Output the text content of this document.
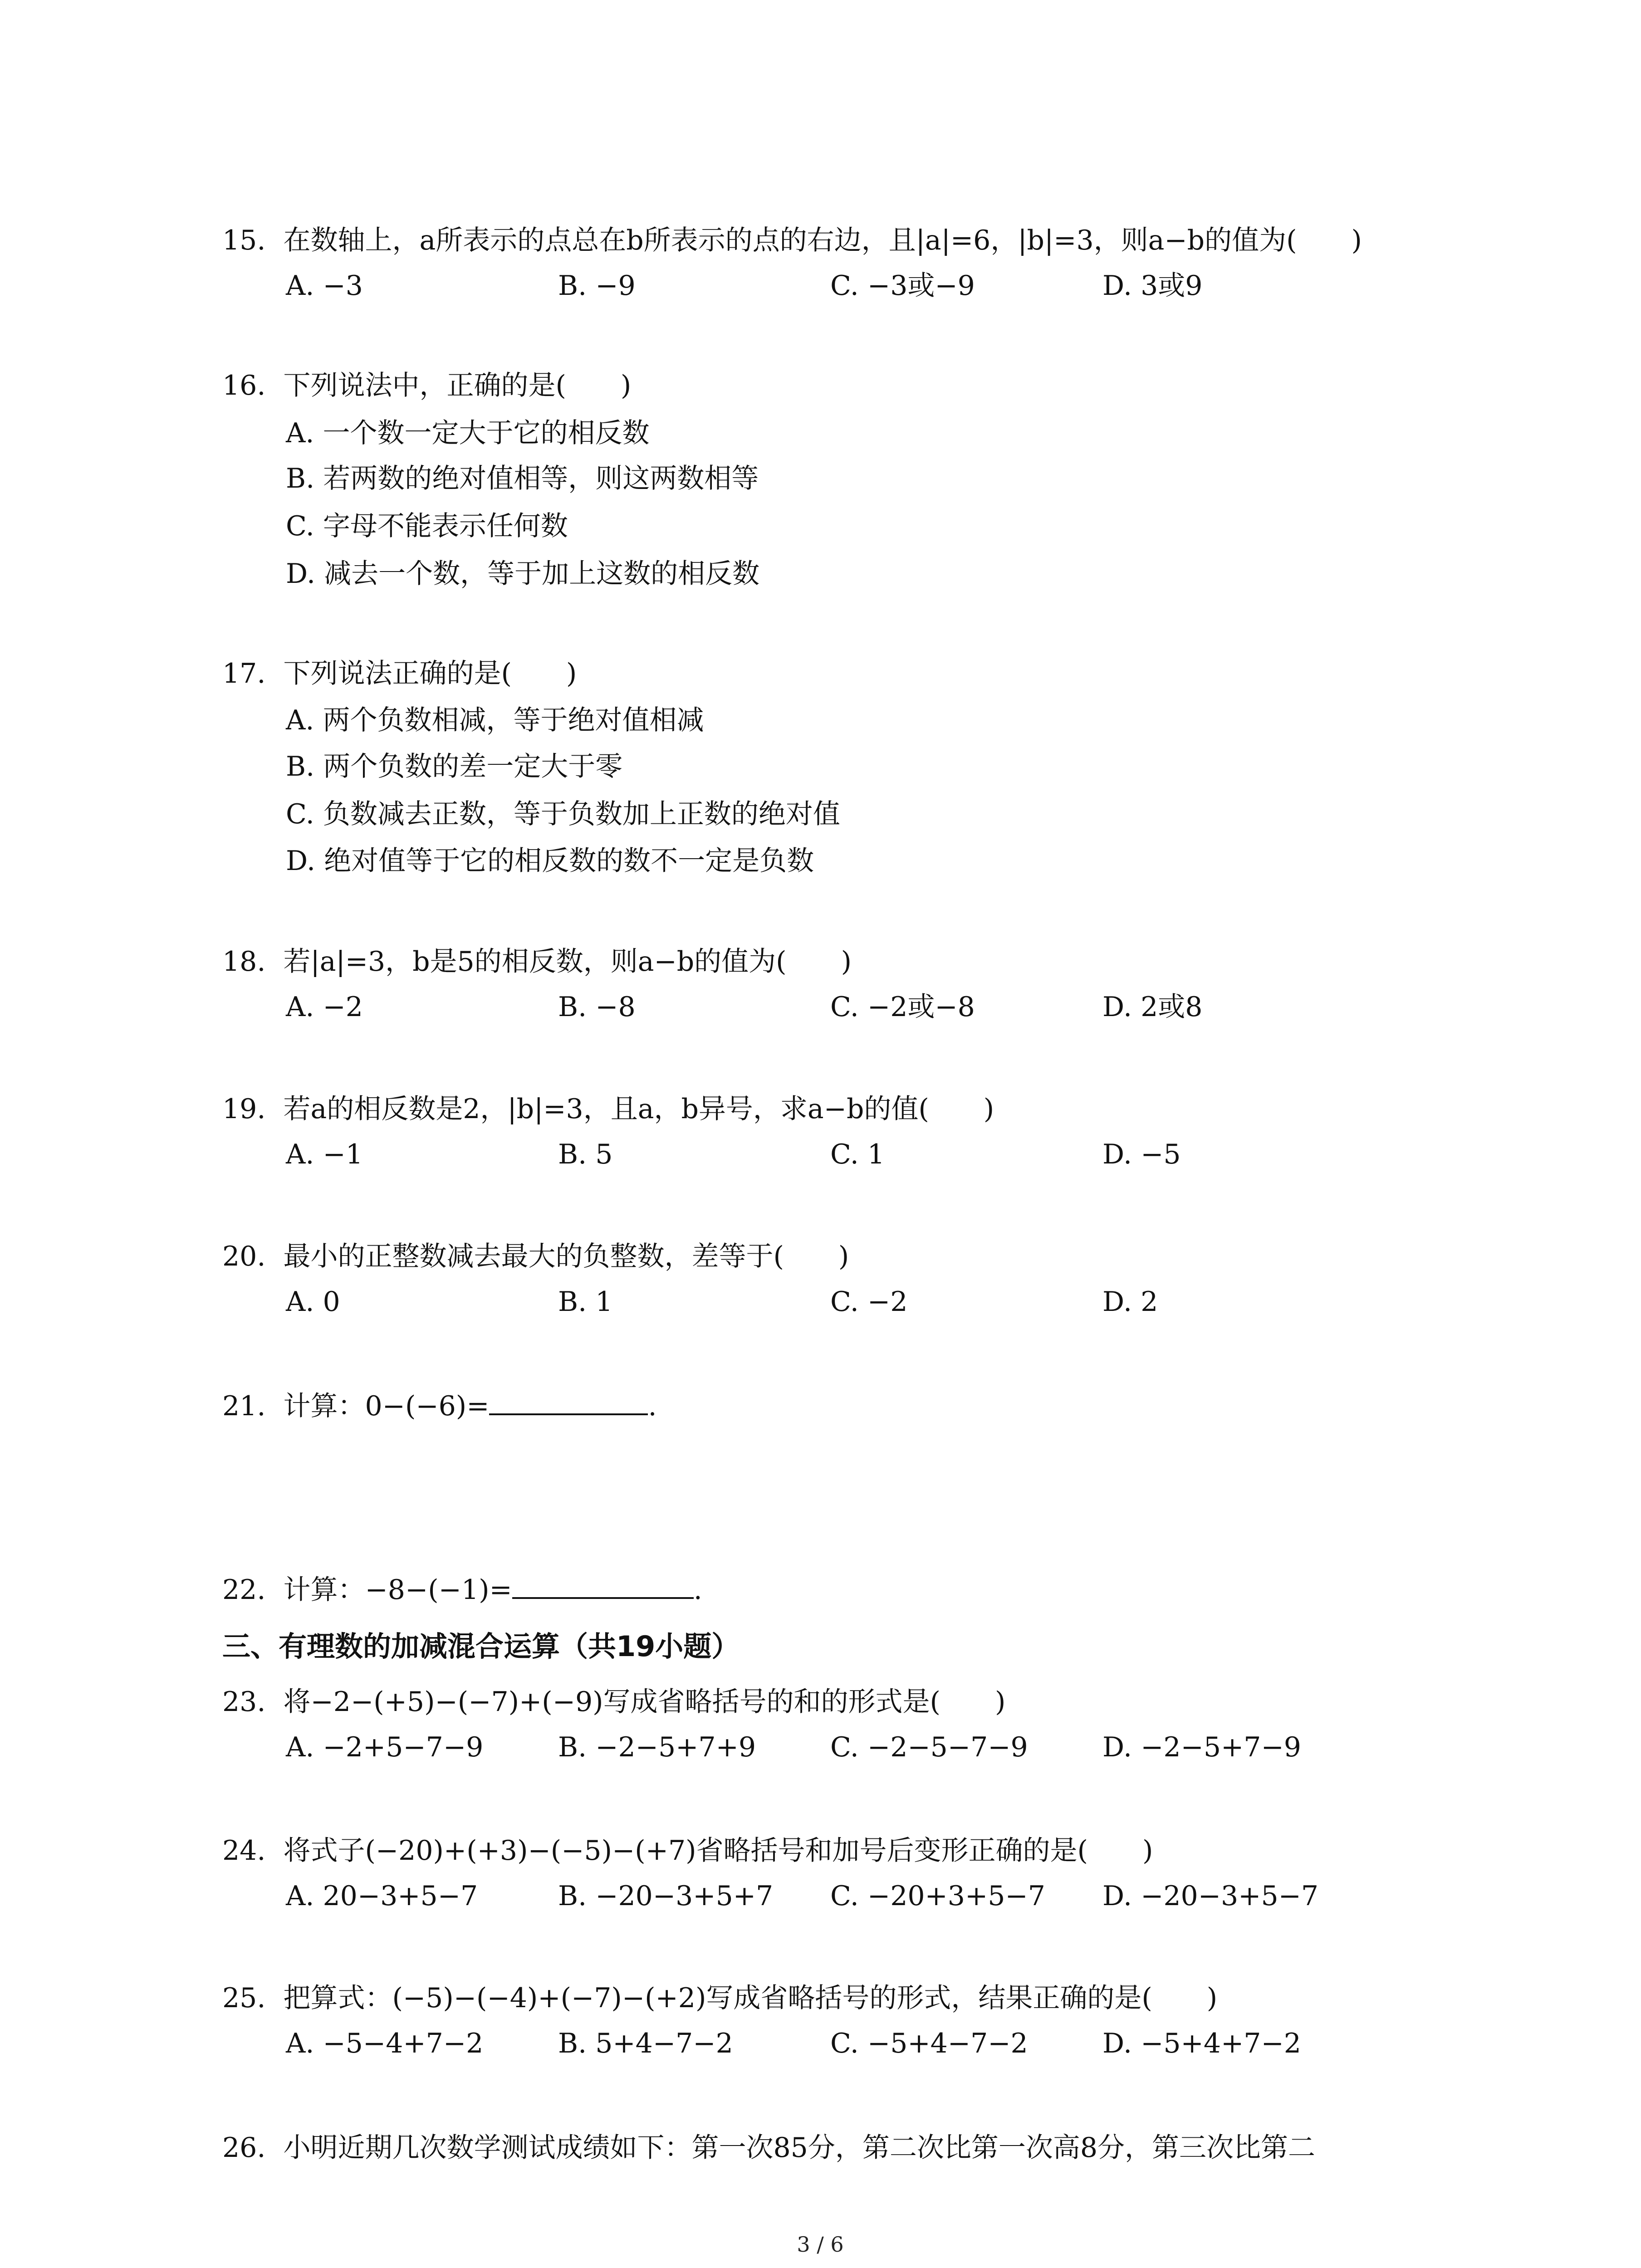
15. 在数轴上，a所表示的点总在b所表示的点的右边，且|a|=6，|b|=3，则a−b的值为(　　)
A. −3	B. −9	C. −3或−9	D. 3或9
16. 下列说法中，正确的是(　　)
A. 一个数一定大于它的相反数
B. 若两数的绝对值相等，则这两数相等
C. 字母不能表示任何数
D. 减去一个数，等于加上这数的相反数
17. 下列说法正确的是(　　)
A. 两个负数相减，等于绝对值相减
B. 两个负数的差一定大于零
C. 负数减去正数，等于负数加上正数的绝对值
D. 绝对值等于它的相反数的数不一定是负数
18. 若|a|=3，b是5的相反数，则a−b的值为(　　)
A. −2	B. −8	C. −2或−8	D. 2或8
19. 若a的相反数是2，|b|=3，且a，b异号，求a−b的值(　　)
A. −1	B. 5	C. 1	D. −5
20. 最小的正整数减去最大的负整数，差等于(　　)
A. 0	B. 1	C. −2	D. 2
21. 计算：0−(−6)=	.
22. 计算：−8−(−1)=	.
三、有理数的加减混合运算（共19小题）
23. 将−2−(+5)−(−7)+(−9)写成省略括号的和的形式是(　　)
A. −2+5−7−9	B. −2−5+7+9	C. −2−5−7−9	D. −2−5+7−9
24. 将式子(−20)+(+3)−(−5)−(+7)省略括号和加号后变形正确的是(　　)
A. 20−3+5−7	B. −20−3+5+7 C. −20+3+5−7 D. −20−3+5−7
25. 把算式：(−5)−(−4)+(−7)−(+2)写成省略括号的形式，结果正确的是(　　)
A. −5−4+7−2	B. 5+4−7−2	C. −5+4−7−2	D. −5+4+7−2
26. 小明近期几次数学测试成绩如下：第一次85分，第二次比第一次高8分，第三次比第二
3 / 6
